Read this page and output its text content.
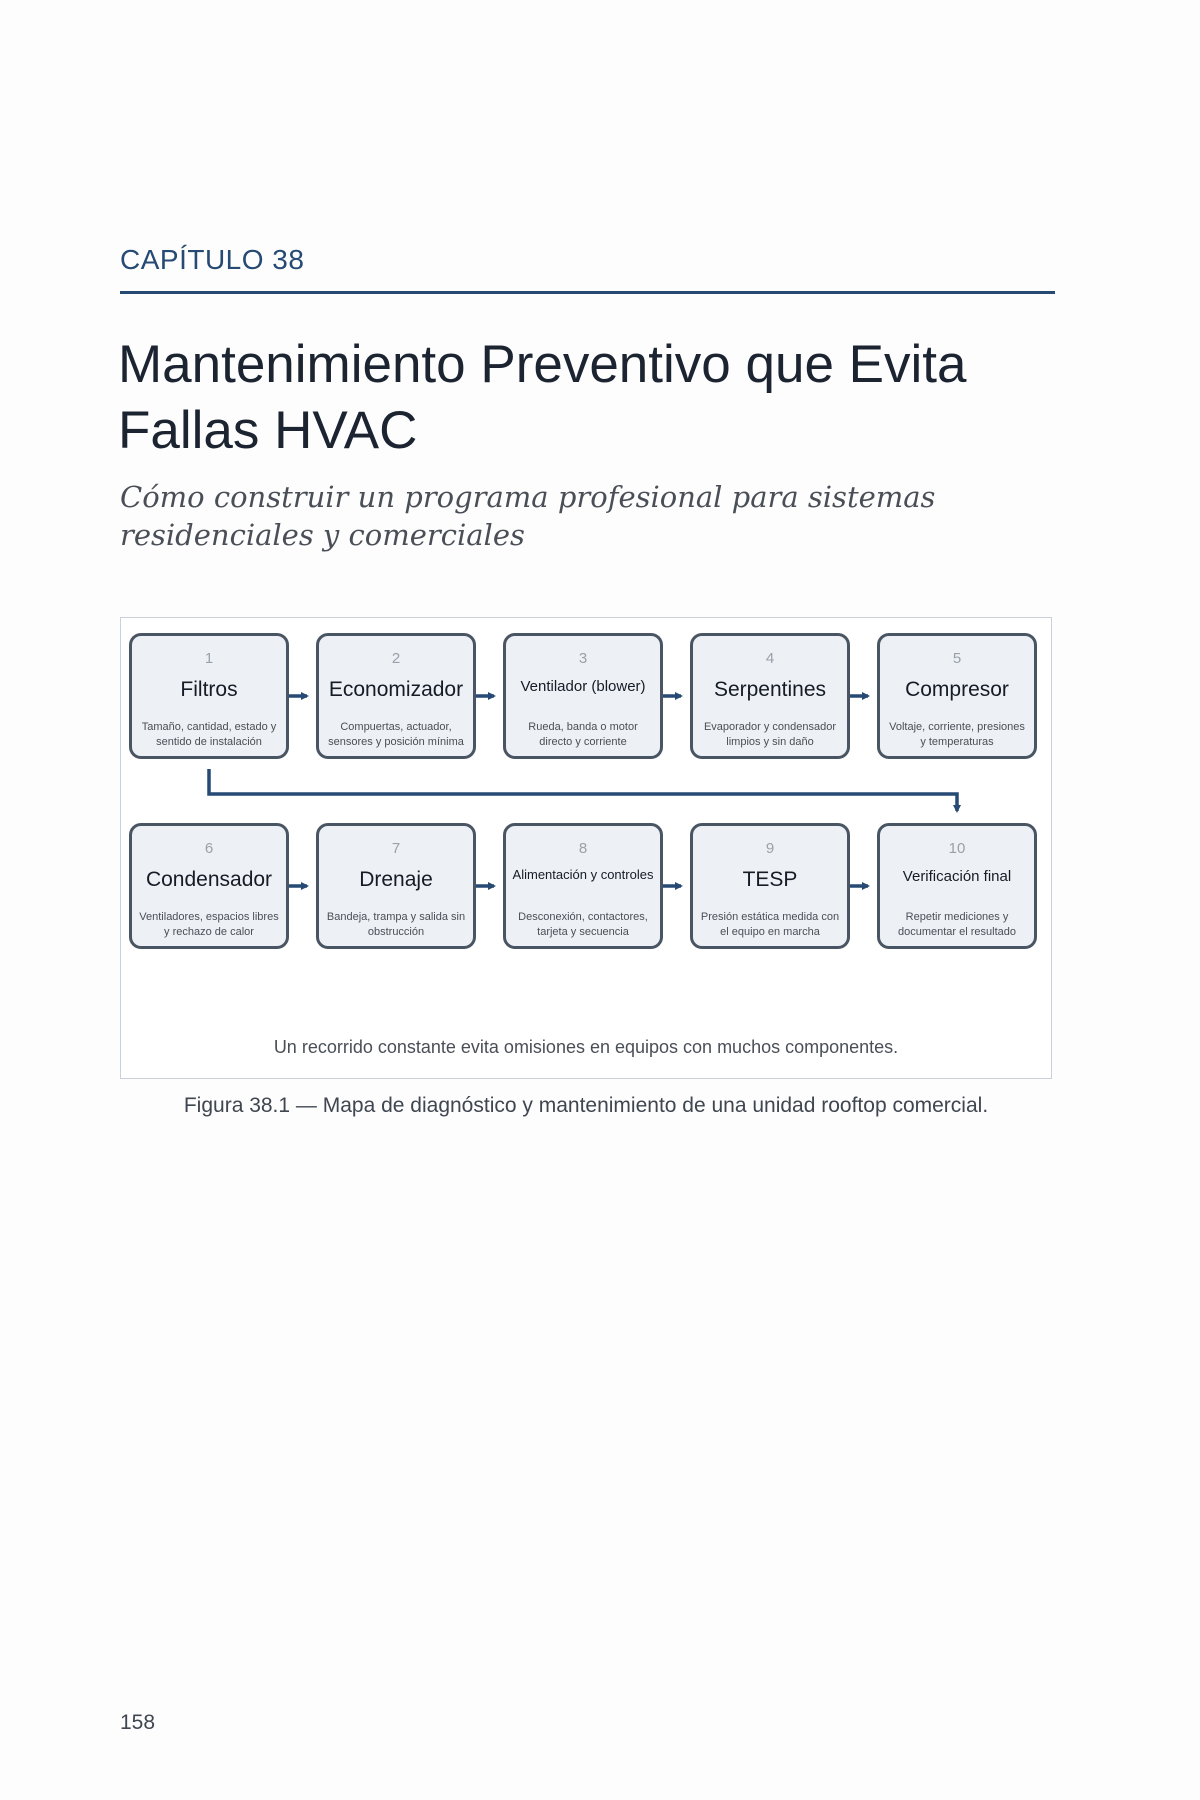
CAPÍTULO 38
Mantenimiento Preventivo que Evita Fallas HVAC

Cómo construir un programa profesional para sistemas residenciales y comerciales

1
Filtros
Tamaño, cantidad, estado y sentido de instalación
2
Economizador
Compuertas, actuador, sensores y posición mínima
3
Ventilador (blower)
Rueda, banda o motor directo y corriente
4
Serpentines
Evaporador y condensador limpios y sin daño
5
Compresor
Voltaje, corriente, presiones y temperaturas
6
Condensador
Ventiladores, espacios libres y rechazo de calor
7
Drenaje
Bandeja, trampa y salida sin obstrucción
8
Alimentación y controles
Desconexión, contactores, tarjeta y secuencia
9
TESP
Presión estática medida con el equipo en marcha
10
Verificación final
Repetir mediciones y documentar el resultado
Un recorrido constante evita omisiones en equipos con muchos componentes.
Figura 38.1 — Mapa de diagnóstico y mantenimiento de una unidad rooftop comercial.
158
